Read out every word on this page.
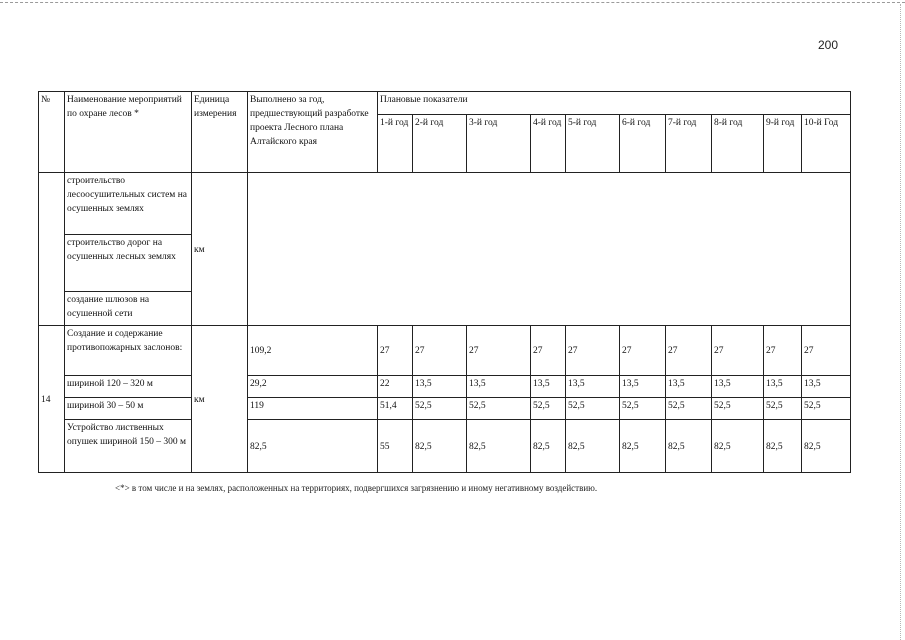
200
№	Наименование мероприятий по охране лесов *	Единица измерения	Выполнено за год, предшествующий разработке проекта Лесного плана Алтайского края	Плановые показатели									
				1-й год	2-й год	3-й год	4-й год	5-й год	6-й год	7-й год	8-й год	9-й год	10-й Год
	строительство лесоосушительных систем на осушенных землях	км											
	строительство дорог на осушенных лесных землях												
	создание шлюзов на осушенной сети												
14	Создание и содержание противопожарных заслонов:	км	109,2	27	27	27	27	27	27	27	27	27	27
	шириной 120 – 320 м		29,2	22	13,5	13,5	13,5	13,5	13,5	13,5	13,5	13,5	13,5
	шириной 30 – 50 м		119	51,4	52,5	52,5	52,5	52,5	52,5	52,5	52,5	52,5	52,5
	Устройство лиственных опушек шириной 150 – 300 м		82,5	55	82,5	82,5	82,5	82,5	82,5	82,5	82,5	82,5	82,5
<*> в том числе и на землях, расположенных на территориях, подвергшихся загрязнению и иному негативному воздействию.
